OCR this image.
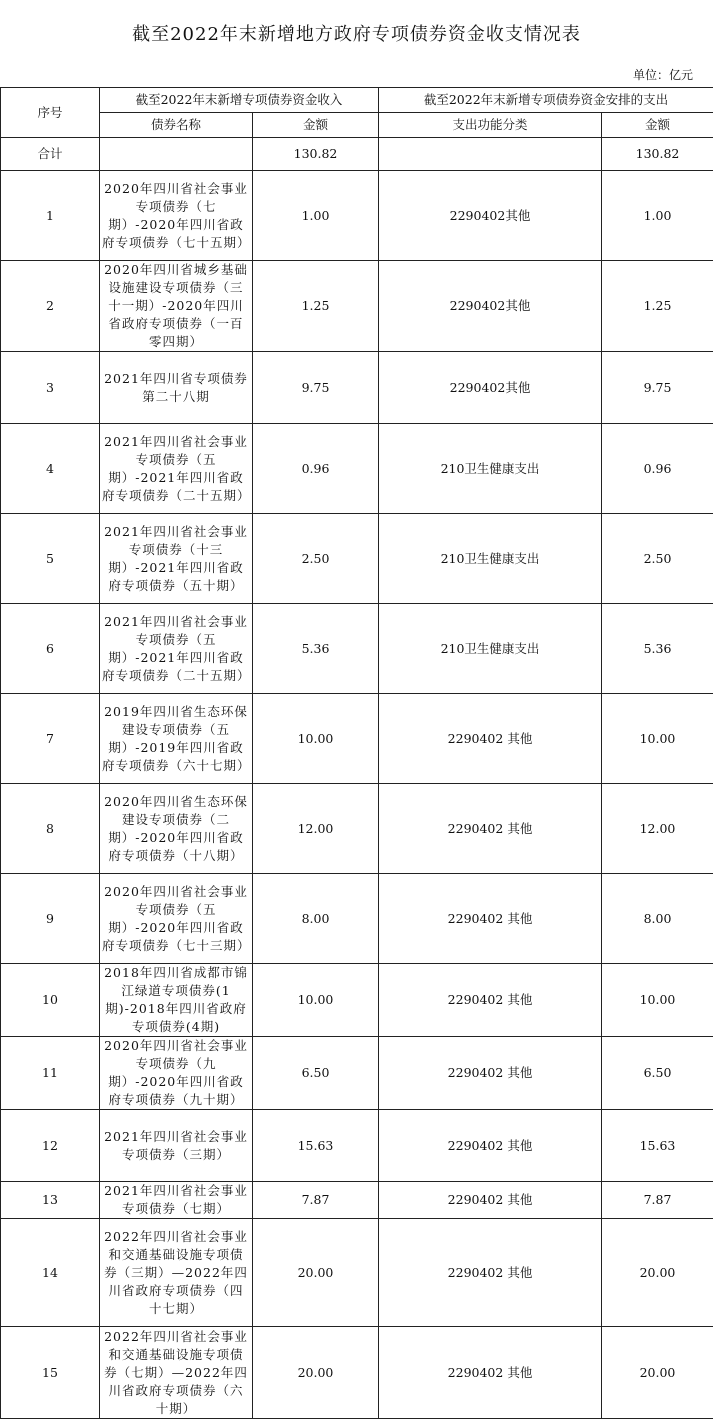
截至2022年末新增地方政府专项债券资金收支情况表
单位：亿元
序号	截至2022年末新增专项债券资金收入		截至2022年末新增专项债券资金安排的支出	
	债券名称	金额	支出功能分类	金额
合计		130.82		130.82
1	2020年四川省社会事业专项债券（七期）-2020年四川省政府专项债券（七十五期）	1.00	2290402其他	1.00
2	2020年四川省城乡基础设施建设专项债券（三十一期）-2020年四川省政府专项债券（一百零四期）	1.25	2290402其他	1.25
3	2021年四川省专项债券第二十八期	9.75	2290402其他	9.75
4	2021年四川省社会事业专项债券（五期）-2021年四川省政府专项债券（二十五期）	0.96	210卫生健康支出	0.96
5	2021年四川省社会事业专项债券（十三期）-2021年四川省政府专项债券（五十期）	2.50	210卫生健康支出	2.50
6	2021年四川省社会事业专项债券（五期）-2021年四川省政府专项债券（二十五期）	5.36	210卫生健康支出	5.36
7	2019年四川省生态环保建设专项债券（五期）-2019年四川省政府专项债券（六十七期）	10.00	2290402 其他	10.00
8	2020年四川省生态环保建设专项债券（二期）-2020年四川省政府专项债券（十八期）	12.00	2290402 其他	12.00
9	2020年四川省社会事业专项债券（五期）-2020年四川省政府专项债券（七十三期）	8.00	2290402 其他	8.00
10	2018年四川省成都市锦江绿道专项债券(1期)-2018年四川省政府专项债券(4期)	10.00	2290402 其他	10.00
11	2020年四川省社会事业专项债券（九期）-2020年四川省政府专项债券（九十期）	6.50	2290402 其他	6.50
12	2021年四川省社会事业专项债券（三期）	15.63	2290402 其他	15.63
13	2021年四川省社会事业专项债券（七期）	7.87	2290402 其他	7.87
14	2022年四川省社会事业和交通基础设施专项债券（三期）—2022年四川省政府专项债券（四十七期）	20.00	2290402 其他	20.00
15	2022年四川省社会事业和交通基础设施专项债券（七期）—2022年四川省政府专项债券（六十期）	20.00	2290402 其他	20.00
